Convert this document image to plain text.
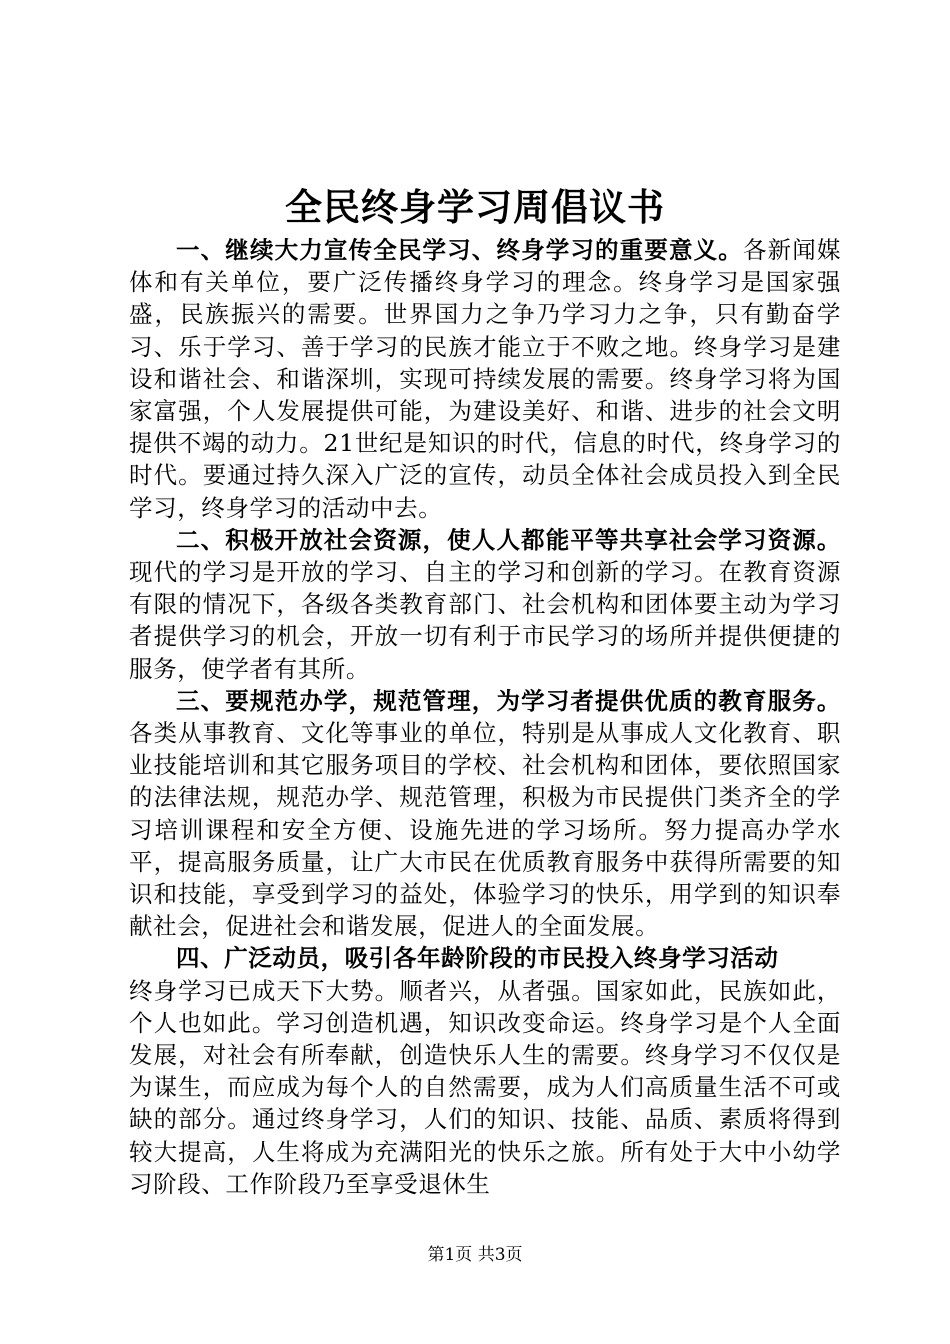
全民终身学习周倡议书

一、继续大力宣传全民学习、终身学习的重要意义。各新闻媒体和有关单位，要广泛传播终身学习的理念。终身学习是国家强盛，民族振兴的需要。世界国力之争乃学习力之争，只有勤奋学习、乐于学习、善于学习的民族才能立于不败之地。终身学习是建设和谐社会、和谐深圳，实现可持续发展的需要。终身学习将为国家富强，个人发展提供可能，为建设美好、和谐、进步的社会文明提供不竭的动力。21世纪是知识的时代，信息的时代，终身学习的时代。要通过持久深入广泛的宣传，动员全体社会成员投入到全民学习，终身学习的活动中去。

二、积极开放社会资源，使人人都能平等共享社会学习资源。现代的学习是开放的学习、自主的学习和创新的学习。在教育资源有限的情况下，各级各类教育部门、社会机构和团体要主动为学习者提供学习的机会，开放一切有利于市民学习的场所并提供便捷的服务，使学者有其所。

三、要规范办学，规范管理，为学习者提供优质的教育服务。各类从事教育、文化等事业的单位，特别是从事成人文化教育、职业技能培训和其它服务项目的学校、社会机构和团体，要依照国家的法律法规，规范办学、规范管理，积极为市民提供门类齐全的学习培训课程和安全方便、设施先进的学习场所。努力提高办学水平，提高服务质量，让广大市民在优质教育服务中获得所需要的知识和技能，享受到学习的益处，体验学习的快乐，用学到的知识奉献社会，促进社会和谐发展，促进人的全面发展。

四、广泛动员，吸引各年龄阶段的市民投入终身学习活动

终身学习已成天下大势。顺者兴，从者强。国家如此，民族如此，个人也如此。学习创造机遇，知识改变命运。终身学习是个人全面发展，对社会有所奉献，创造快乐人生的需要。终身学习不仅仅是为谋生，而应成为每个人的自然需要，成为人们高质量生活不可或缺的部分。通过终身学习，人们的知识、技能、品质、素质将得到较大提高，人生将成为充满阳光的快乐之旅。所有处于大中小幼学习阶段、工作阶段乃至享受退休生

第1页 共3页
